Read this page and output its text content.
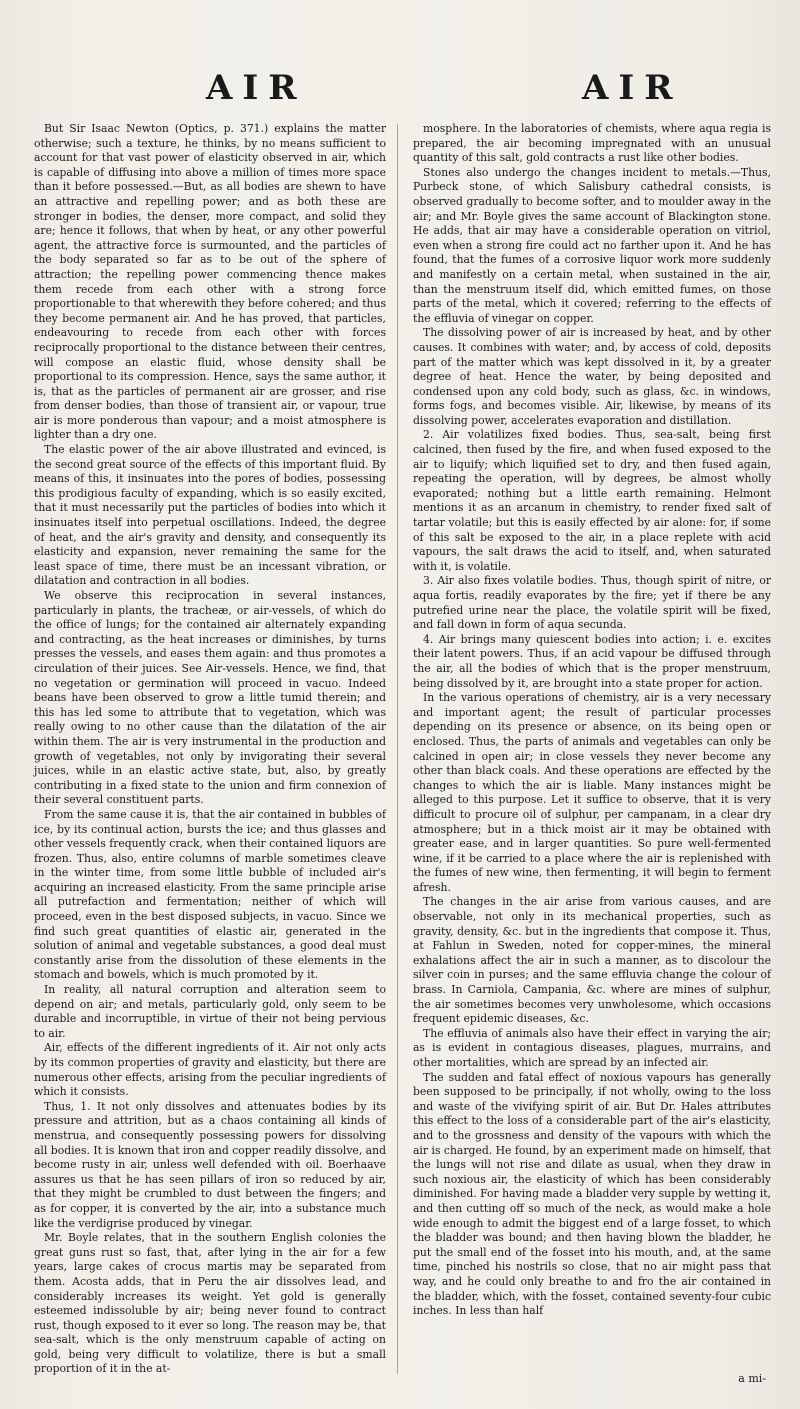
AIR	AIR

But Sir Isaac Newton (Optics, p. 371.) explains the matter otherwise; such a texture, he thinks, by no means sufficient to account for that vast power of elasticity observed in air, which is capable of diffusing into above a million of times more space than it before possessed.—But, as all bodies are shewn to have an attractive and repelling power; and as both these are stronger in bodies, the denser, more compact, and solid they are; hence it follows, that when by heat, or any other powerful agent, the attractive force is surmounted, and the particles of the body separated so far as to be out of the sphere of attraction; the repelling power commencing thence makes them recede from each other with a strong force proportionable to that wherewith they before cohered; and thus they become permanent air. And he has proved, that particles, endeavouring to recede from each other with forces reciprocally proportional to the distance between their centres, will compose an elastic fluid, whose density shall be proportional to its compression. Hence, says the same author, it is, that as the particles of permanent air are grosser, and rise from denser bodies, than those of transient air, or vapour, true air is more ponderous than vapour; and a moist atmosphere is lighter than a dry one.

The elastic power of the air above illustrated and evinced, is the second great source of the effects of this important fluid. By means of this, it insinuates into the pores of bodies, possessing this prodigious faculty of expanding, which is so easily excited, that it must necessarily put the particles of bodies into which it insinuates itself into perpetual oscillations. Indeed, the degree of heat, and the air's gravity and density, and consequently its elasticity and expansion, never remaining the same for the least space of time, there must be an incessant vibration, or dilatation and contraction in all bodies.

We observe this reciprocation in several instances, particularly in plants, the tracheæ, or air-vessels, of which do the office of lungs; for the contained air alternately expanding and contracting, as the heat increases or diminishes, by turns presses the vessels, and eases them again: and thus promotes a circulation of their juices. See Air-vessels. Hence, we find, that no vegetation or germination will proceed in vacuo. Indeed beans have been observed to grow a little tumid therein; and this has led some to attribute that to vegetation, which was really owing to no other cause than the dilatation of the air within them. The air is very instrumental in the production and growth of vegetables, not only by invigorating their several juices, while in an elastic active state, but, also, by greatly contributing in a fixed state to the union and firm connexion of their several constituent parts.

From the same cause it is, that the air contained in bubbles of ice, by its continual action, bursts the ice; and thus glasses and other vessels frequently crack, when their contained liquors are frozen. Thus, also, entire columns of marble sometimes cleave in the winter time, from some little bubble of included air's acquiring an increased elasticity. From the same principle arise all putrefaction and fermentation; neither of which will proceed, even in the best disposed subjects, in vacuo. Since we find such great quantities of elastic air, generated in the solution of animal and vegetable substances, a good deal must constantly arise from the dissolution of these elements in the stomach and bowels, which is much promoted by it.

In reality, all natural corruption and alteration seem to depend on air; and metals, particularly gold, only seem to be durable and incorruptible, in virtue of their not being pervious to air.

Air, effects of the different ingredients of it. Air not only acts by its common properties of gravity and elasticity, but there are numerous other effects, arising from the peculiar ingredients of which it consists.

Thus, 1. It not only dissolves and attenuates bodies by its pressure and attrition, but as a chaos containing all kinds of menstrua, and consequently possessing powers for dissolving all bodies. It is known that iron and copper readily dissolve, and become rusty in air, unless well defended with oil. Boerhaave assures us that he has seen pillars of iron so reduced by air, that they might be crumbled to dust between the fingers; and as for copper, it is converted by the air, into a substance much like the verdigrise produced by vinegar.

Mr. Boyle relates, that in the southern English colonies the great guns rust so fast, that, after lying in the air for a few years, large cakes of crocus martis may be separated from them. Acosta adds, that in Peru the air dissolves lead, and considerably increases its weight. Yet gold is generally esteemed indissoluble by air; being never found to contract rust, though exposed to it ever so long. The reason may be, that sea-salt, which is the only menstruum capable of acting on gold, being very difficult to volatilize, there is but a small proportion of it in the at-

mosphere. In the laboratories of chemists, where aqua regia is prepared, the air becoming impregnated with an unusual quantity of this salt, gold contracts a rust like other bodies.

Stones also undergo the changes incident to metals.—Thus, Purbeck stone, of which Salisbury cathedral consists, is observed gradually to become softer, and to moulder away in the air; and Mr. Boyle gives the same account of Blackington stone. He adds, that air may have a considerable operation on vitriol, even when a strong fire could act no farther upon it. And he has found, that the fumes of a corrosive liquor work more suddenly and manifestly on a certain metal, when sustained in the air, than the menstruum itself did, which emitted fumes, on those parts of the metal, which it covered; referring to the effects of the effluvia of vinegar on copper.

The dissolving power of air is increased by heat, and by other causes. It combines with water; and, by access of cold, deposits part of the matter which was kept dissolved in it, by a greater degree of heat. Hence the water, by being deposited and condensed upon any cold body, such as glass, &c. in windows, forms fogs, and becomes visible. Air, likewise, by means of its dissolving power, accelerates evaporation and distillation.

2. Air volatilizes fixed bodies. Thus, sea-salt, being first calcined, then fused by the fire, and when fused exposed to the air to liquify; which liquified set to dry, and then fused again, repeating the operation, will by degrees, be almost wholly evaporated; nothing but a little earth remaining. Helmont mentions it as an arcanum in chemistry, to render fixed salt of tartar volatile; but this is easily effected by air alone: for, if some of this salt be exposed to the air, in a place replete with acid vapours, the salt draws the acid to itself, and, when saturated with it, is volatile.

3. Air also fixes volatile bodies. Thus, though spirit of nitre, or aqua fortis, readily evaporates by the fire; yet if there be any putrefied urine near the place, the volatile spirit will be fixed, and fall down in form of aqua secunda.

4. Air brings many quiescent bodies into action; i. e. excites their latent powers. Thus, if an acid vapour be diffused through the air, all the bodies of which that is the proper menstruum, being dissolved by it, are brought into a state proper for action.

In the various operations of chemistry, air is a very necessary and important agent; the result of particular processes depending on its presence or absence, on its being open or enclosed. Thus, the parts of animals and vegetables can only be calcined in open air; in close vessels they never become any other than black coals. And these operations are effected by the changes to which the air is liable. Many instances might be alleged to this purpose. Let it suffice to observe, that it is very difficult to procure oil of sulphur, per campanam, in a clear dry atmosphere; but in a thick moist air it may be obtained with greater ease, and in larger quantities. So pure well-fermented wine, if it be carried to a place where the air is replenished with the fumes of new wine, then fermenting, it will begin to ferment afresh.

The changes in the air arise from various causes, and are observable, not only in its mechanical properties, such as gravity, density, &c. but in the ingredients that compose it. Thus, at Fahlun in Sweden, noted for copper-mines, the mineral exhalations affect the air in such a manner, as to discolour the silver coin in purses; and the same effluvia change the colour of brass. In Carniola, Campania, &c. where are mines of sulphur, the air sometimes becomes very unwholesome, which occasions frequent epidemic diseases, &c.

The effluvia of animals also have their effect in varying the air; as is evident in contagious diseases, plagues, murrains, and other mortalities, which are spread by an infected air.

The sudden and fatal effect of noxious vapours has generally been supposed to be principally, if not wholly, owing to the loss and waste of the vivifying spirit of air. But Dr. Hales attributes this effect to the loss of a considerable part of the air's elasticity, and to the grossness and density of the vapours with which the air is charged. He found, by an experiment made on himself, that the lungs will not rise and dilate as usual, when they draw in such noxious air, the elasticity of which has been considerably diminished. For having made a bladder very supple by wetting it, and then cutting off so much of the neck, as would make a hole wide enough to admit the biggest end of a large fosset, to which the bladder was bound; and then having blown the bladder, he put the small end of the fosset into his mouth, and, at the same time, pinched his nostrils so close, that no air might pass that way, and he could only breathe to and fro the air contained in the bladder, which, with the fosset, contained seventy-four cubic inches. In less than half

a mi-
